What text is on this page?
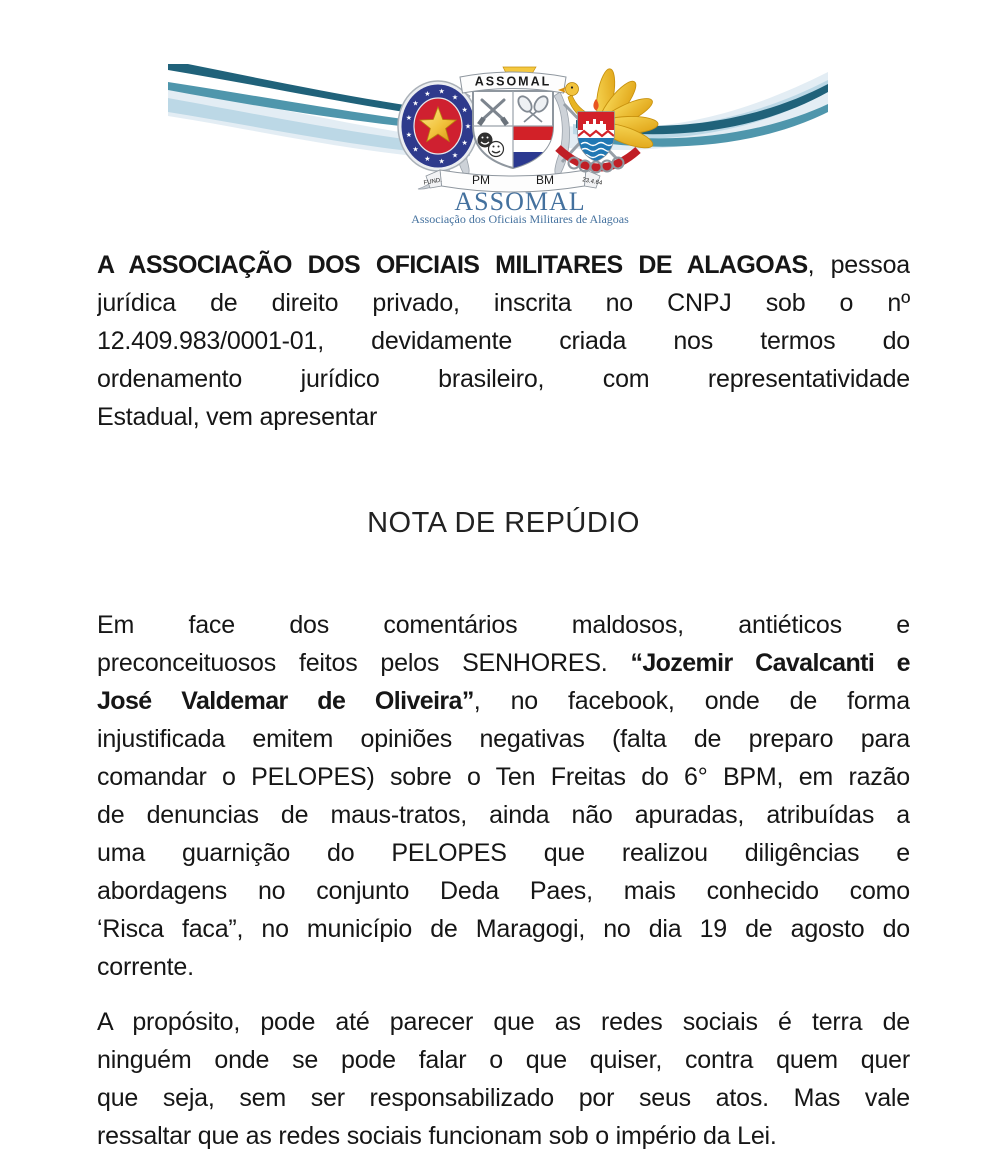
★
★
★
★
★
★
★
★
★
★ ★
★
★
ASSOMAL
FUND. PM	BM	23.4.64
ASSOMAL
Associação dos Oficiais Militares de Alagoas
A ASSOCIAÇÃO DOS OFICIAIS MILITARES DE ALAGOAS, pessoa
jurídica de direito privado, inscrita no CNPJ sob o nº
12.409.983/0001-01, devidamente criada nos termos do
ordenamento jurídico brasileiro, com representatividade
Estadual, vem apresentar
NOTA DE REPÚDIO
Em face dos comentários maldosos, antiéticos e
preconceituosos feitos pelos SENHORES. “Jozemir Cavalcanti e
José Valdemar de Oliveira”, no facebook, onde de forma
injustificada emitem opiniões negativas (falta de preparo para
comandar o PELOPES) sobre o Ten Freitas do 6° BPM, em razão
de denuncias de maus-tratos, ainda não apuradas, atribuídas a
uma guarnição do PELOPES que realizou diligências e
abordagens no conjunto Deda Paes, mais conhecido como
‘Risca faca”, no município de Maragogi, no dia 19 de agosto do
corrente.
A propósito, pode até parecer que as redes sociais é terra de
ninguém onde se pode falar o que quiser, contra quem quer
que seja, sem ser responsabilizado por seus atos. Mas vale
ressaltar que as redes sociais funcionam sob o império da Lei.
